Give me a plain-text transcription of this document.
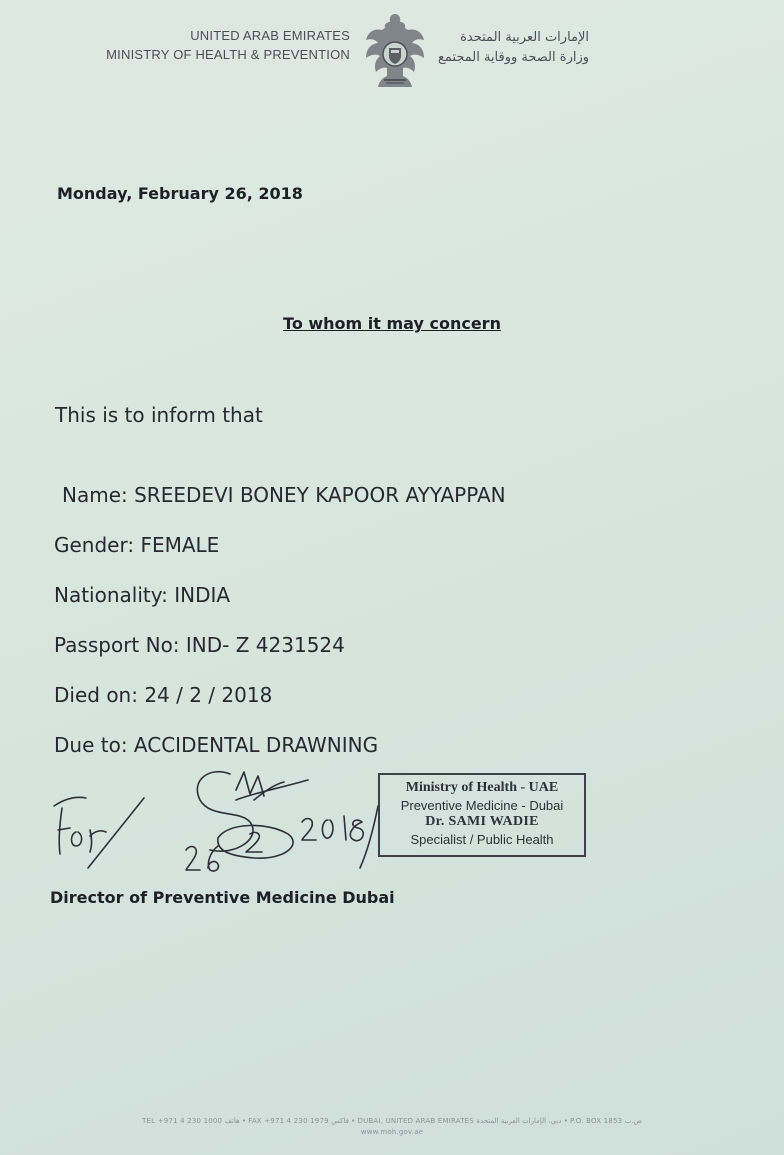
UNITED ARAB EMIRATES
MINISTRY OF HEALTH & PREVENTION
الإمارات العربية المتحدة
وزارة الصحة ووقاية المجتمع
Monday, February 26, 2018
To whom it may concern
This is to inform that
Name: SREEDEVI BONEY KAPOOR AYYAPPAN
Gender: FEMALE
Nationality: INDIA
Passport No: IND- Z 4231524
Died on: 24 / 2 / 2018
Due to: ACCIDENTAL DRAWNING
Ministry of Health - UAE
Preventive Medicine - Dubai
Dr. SAMI WADIE
Specialist / Public Health
Director of Preventive Medicine Dubai
TEL +971 4 230 1000 هاتف • FAX +971 4 230 1979 فاكس • DUBAI, UNITED ARAB EMIRATES دبي، الإمارات العربية المتحدة • P.O. BOX 1853 ص.ب
www.moh.gov.ae
